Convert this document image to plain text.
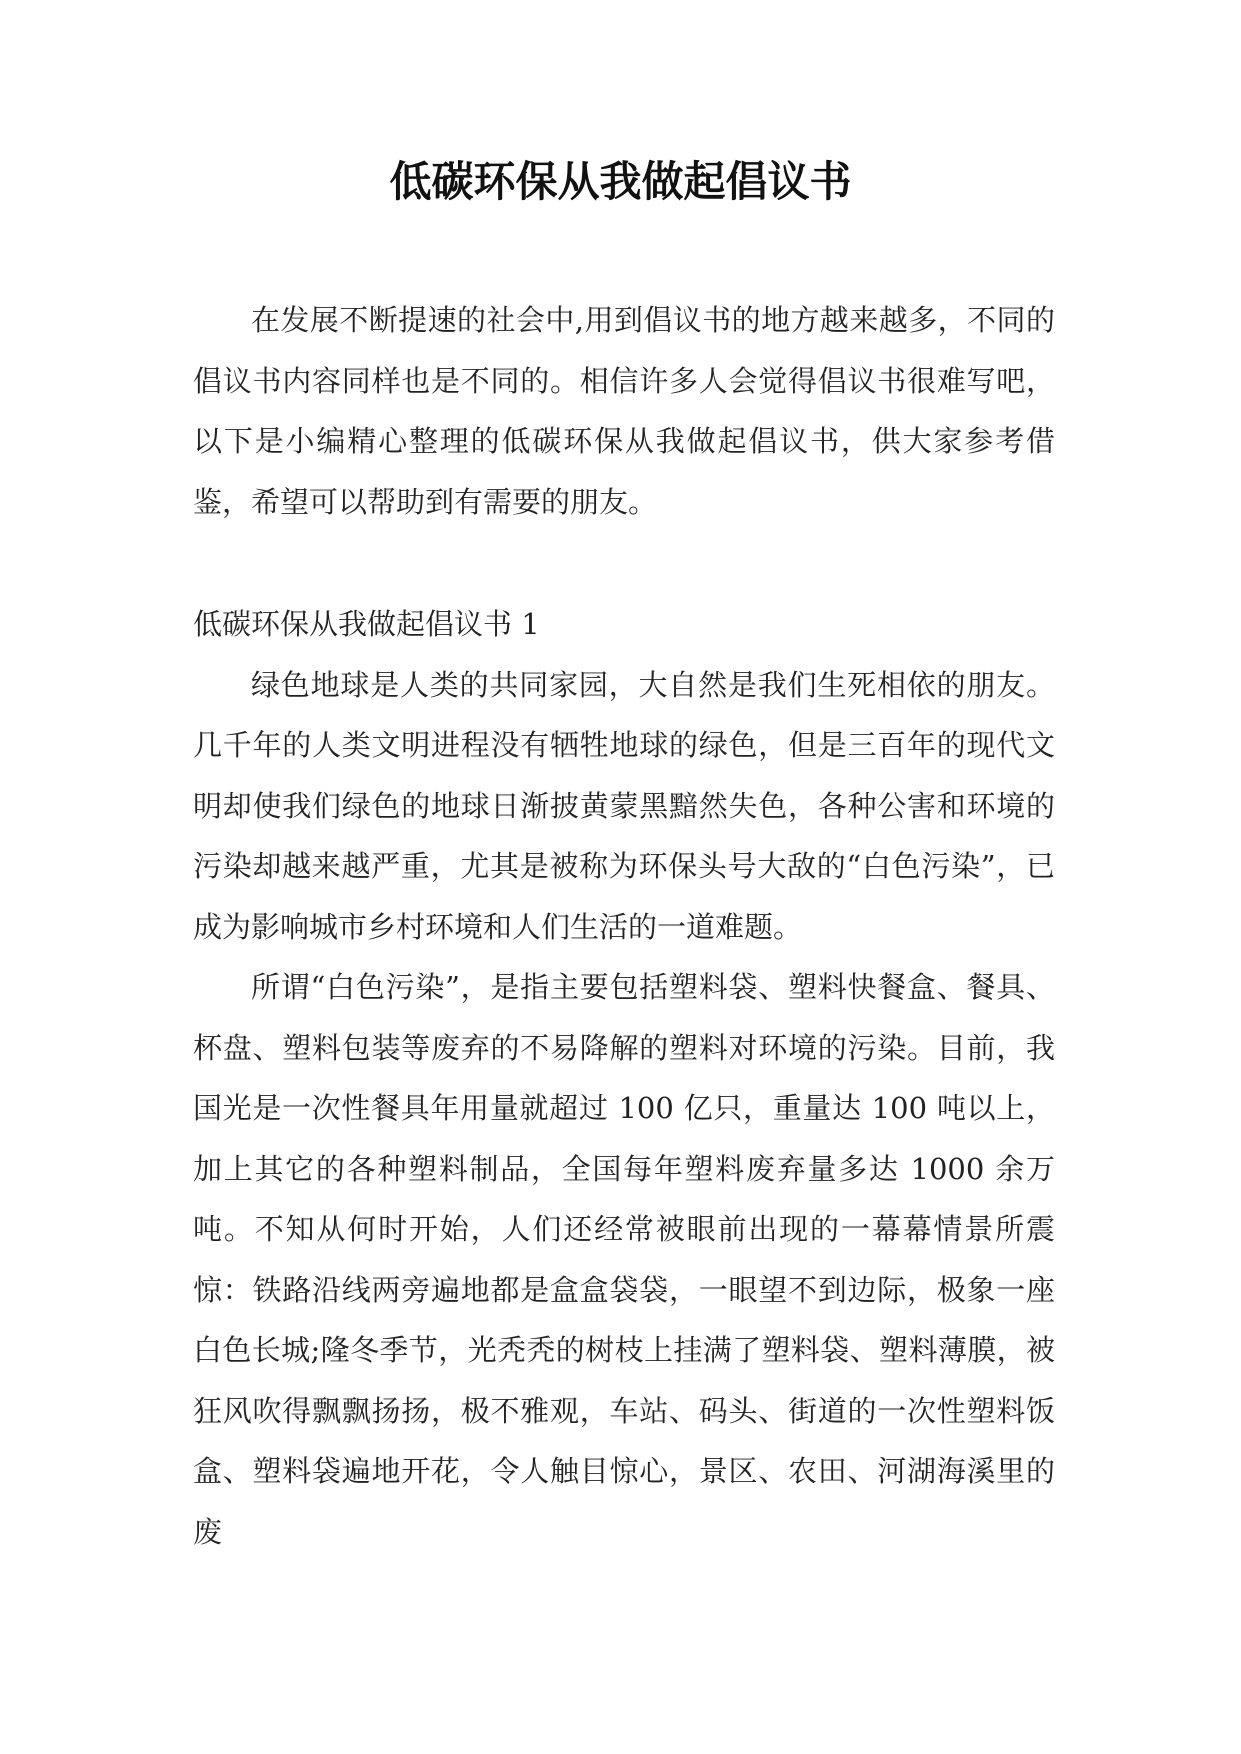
低碳环保从我做起倡议书

在发展不断提速的社会中,用到倡议书的地方越来越多，不同的倡议书内容同样也是不同的。相信许多人会觉得倡议书很难写吧，以下是小编精心整理的低碳环保从我做起倡议书，供大家参考借鉴，希望可以帮助到有需要的朋友。

低碳环保从我做起倡议书 1

绿色地球是人类的共同家园，大自然是我们生死相依的朋友。几千年的人类文明进程没有牺牲地球的绿色，但是三百年的现代文明却使我们绿色的地球日渐披黄蒙黑黯然失色，各种公害和环境的污染却越来越严重，尤其是被称为环保头号大敌的“白色污染”，已成为影响城市乡村环境和人们生活的一道难题。

所谓“白色污染”，是指主要包括塑料袋、塑料快餐盒、餐具、杯盘、塑料包装等废弃的不易降解的塑料对环境的污染。目前，我国光是一次性餐具年用量就超过 100 亿只，重量达 100 吨以上，加上其它的各种塑料制品，全国每年塑料废弃量多达 1000 余万吨。不知从何时开始，人们还经常被眼前出现的一幕幕情景所震惊：铁路沿线两旁遍地都是盒盒袋袋，一眼望不到边际，极象一座白色长城;隆冬季节，光秃秃的树枝上挂满了塑料袋、塑料薄膜，被狂风吹得飘飘扬扬，极不雅观，车站、码头、街道的一次性塑料饭盒、塑料袋遍地开花，令人触目惊心，景区、农田、河湖海溪里的废
